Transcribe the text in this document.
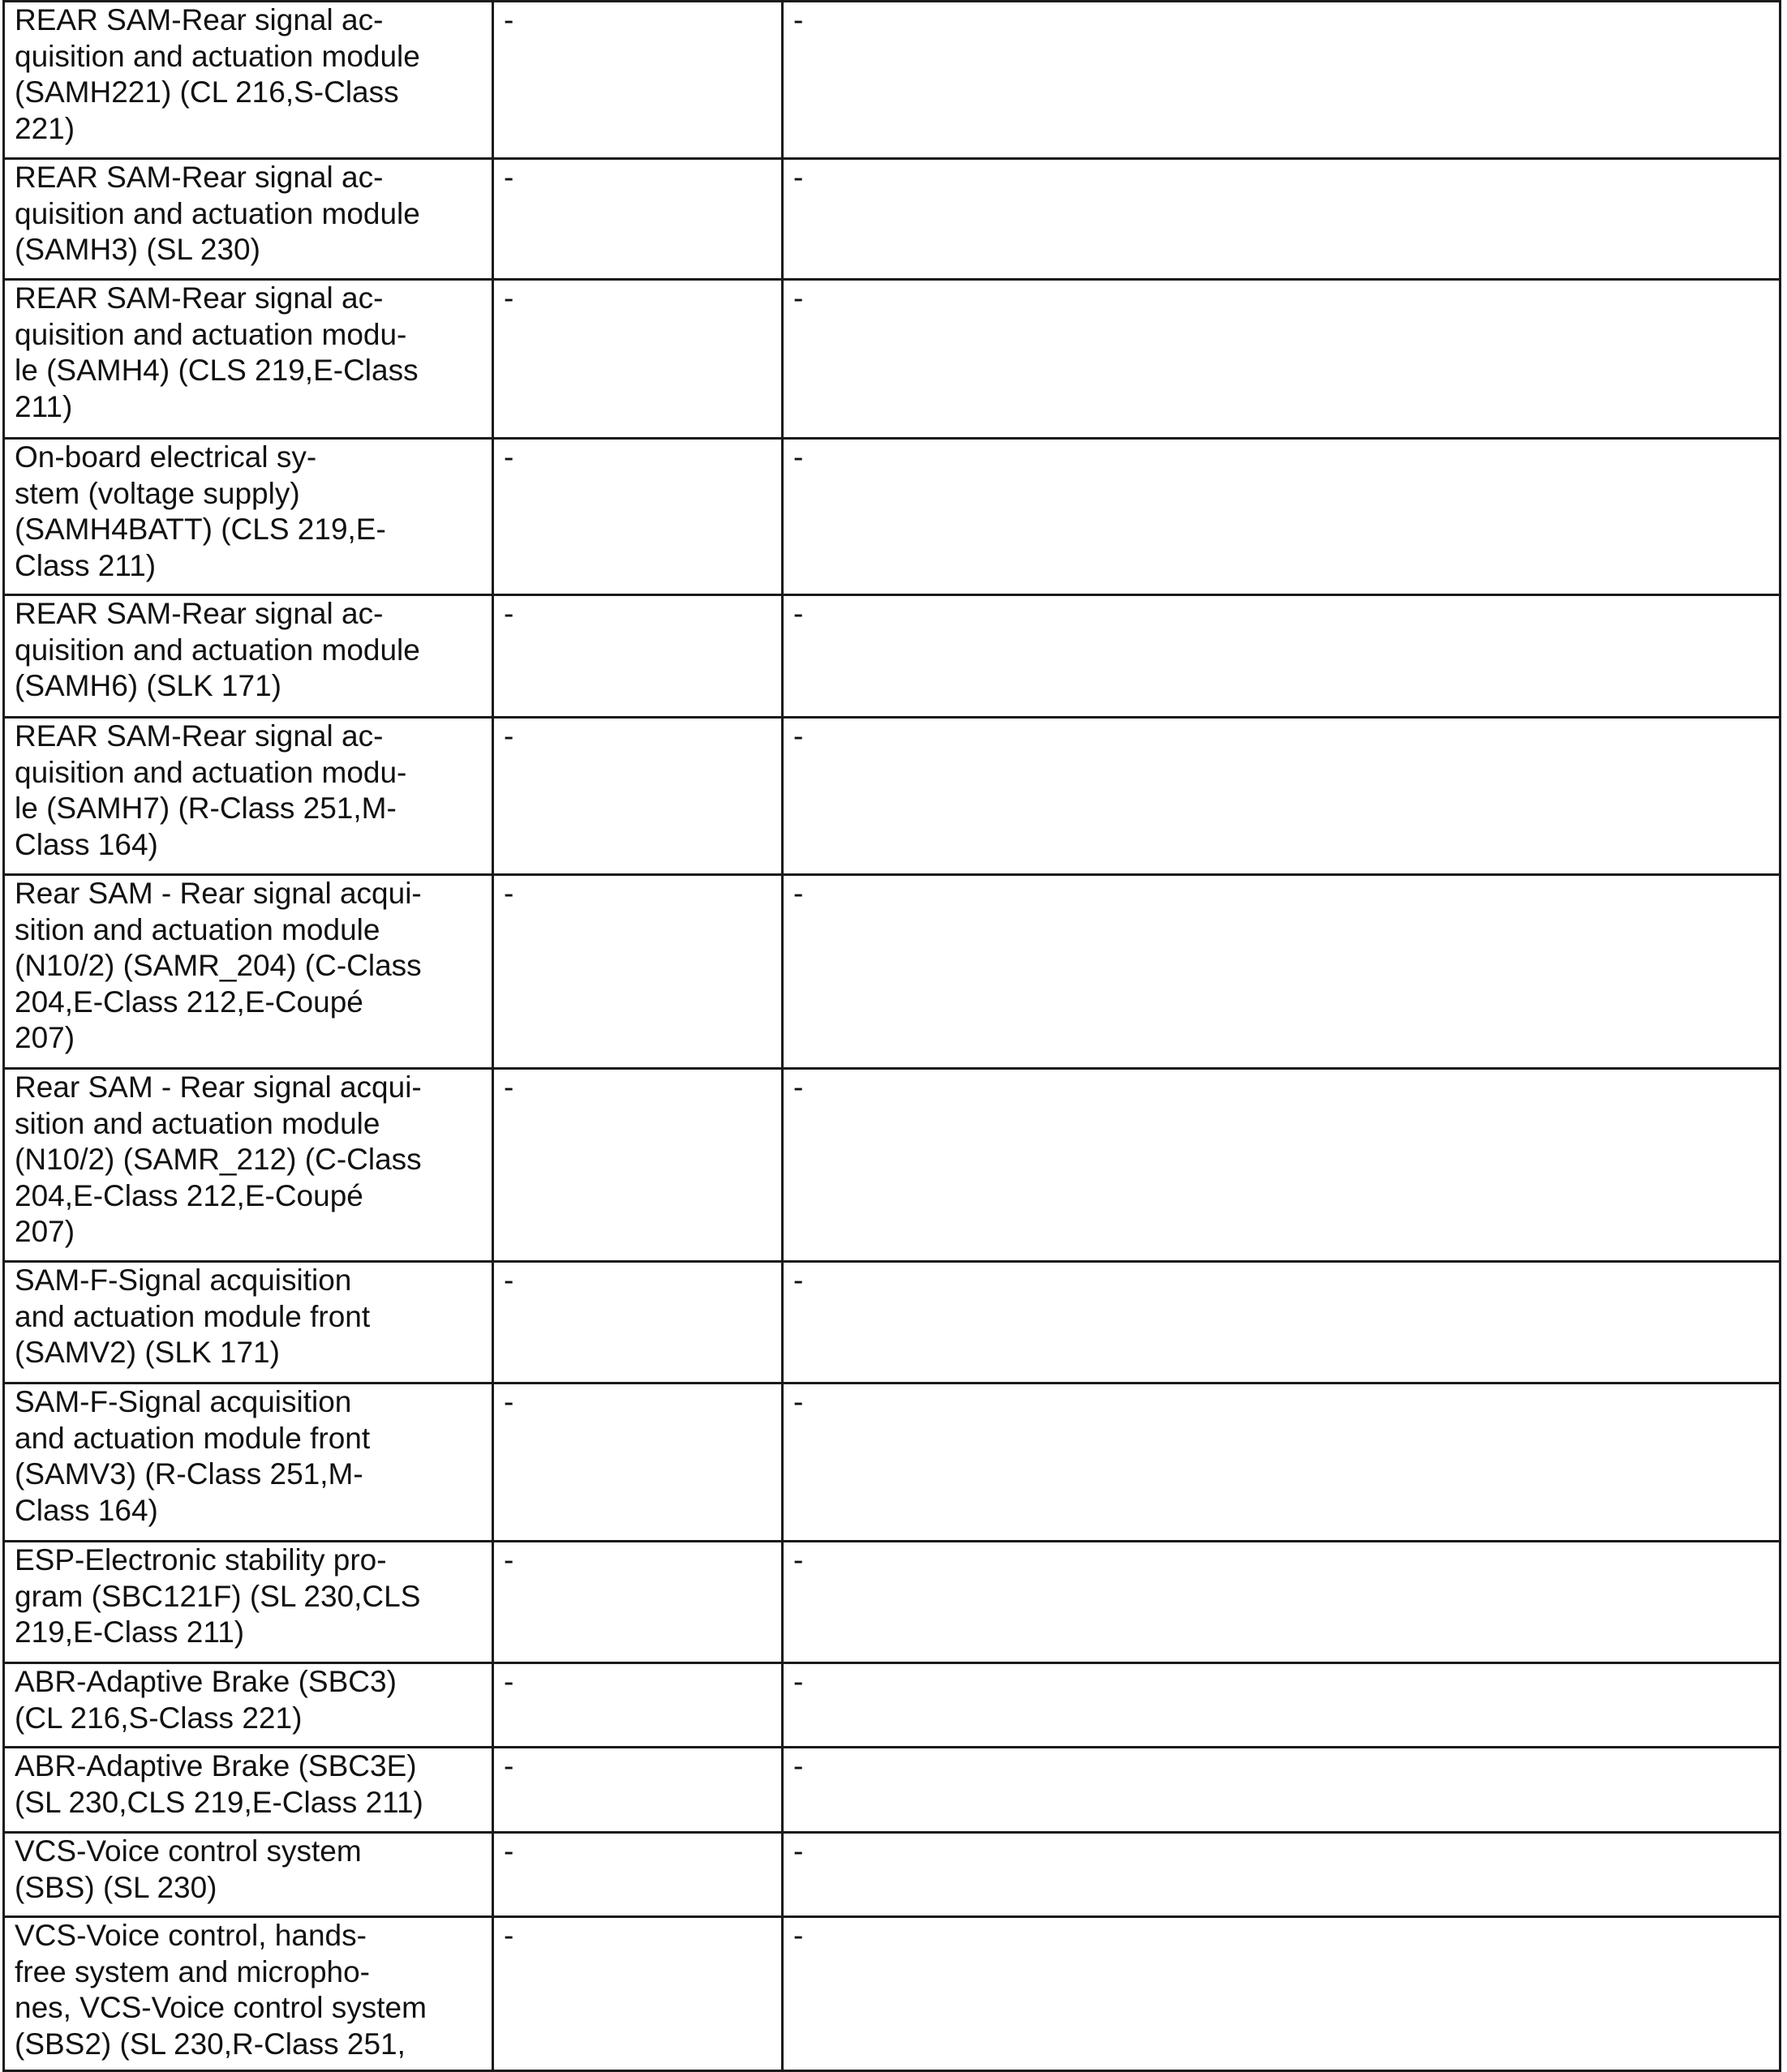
REAR SAM-Rear signal ac-
quisition and actuation module
(SAMH221) (CL 216,S-Class
221)	-	-

REAR SAM-Rear signal ac-
quisition and actuation module
(SAMH3) (SL 230)	-	-

REAR SAM-Rear signal ac-
quisition and actuation modu-
le (SAMH4) (CLS 219,E-Class
211)	-	-

On-board electrical sy-
stem (voltage supply)
(SAMH4BATT) (CLS 219,E-
Class 211)	-	-

REAR SAM-Rear signal ac-
quisition and actuation module
(SAMH6) (SLK 171)	-	-

REAR SAM-Rear signal ac-
quisition and actuation modu-
le (SAMH7) (R-Class 251,M-
Class 164)	-	-

Rear SAM - Rear signal acqui-
sition and actuation module
(N10/2) (SAMR_204) (C-Class
204,E-Class 212,E-Coupé
207)	-	-

Rear SAM - Rear signal acqui-
sition and actuation module
(N10/2) (SAMR_212) (C-Class
204,E-Class 212,E-Coupé
207)	-	-

SAM-F-Signal acquisition
and actuation module front
(SAMV2) (SLK 171)	-	-

SAM-F-Signal acquisition
and actuation module front
(SAMV3) (R-Class 251,M-
Class 164)	-	-

ESP-Electronic stability pro-
gram (SBC121F) (SL 230,CLS
219,E-Class 211)	-	-

ABR-Adaptive Brake (SBC3)
(CL 216,S-Class 221)	-	-

ABR-Adaptive Brake (SBC3E)
(SL 230,CLS 219,E-Class 211)	-	-

VCS-Voice control system
(SBS) (SL 230)	-	-

VCS-Voice control, hands-
free system and micropho-
nes, VCS-Voice control system
(SBS2) (SL 230,R-Class 251,	-	-
